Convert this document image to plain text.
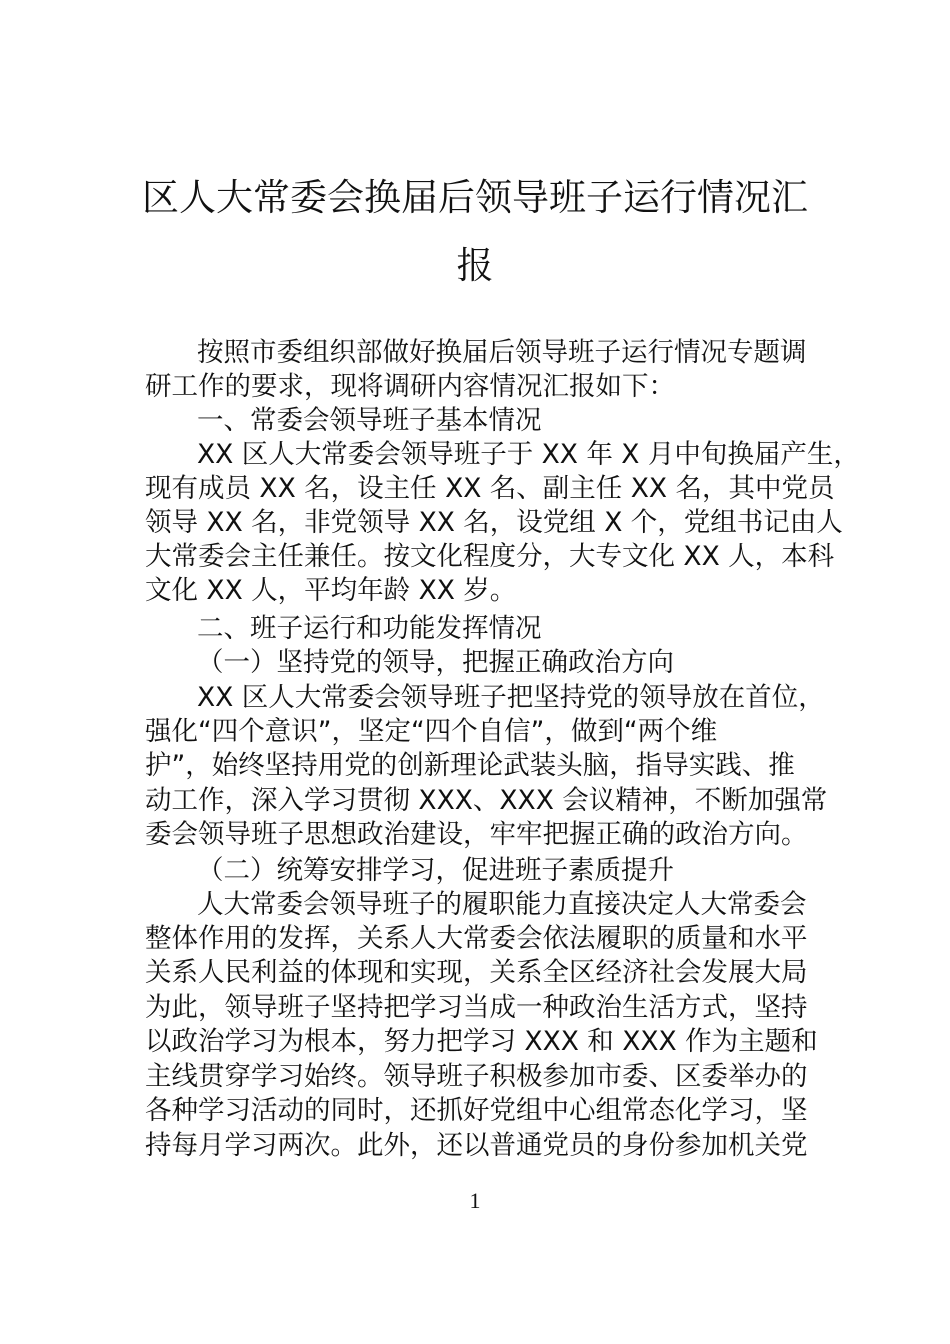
区人大常委会换届后领导班子运行情况汇
报
按照市委组织部做好换届后领导班子运行情况专题调
研工作的要求，现将调研内容情况汇报如下：
一、常委会领导班子基本情况
XX 区人大常委会领导班子于 XX 年 X 月中旬换届产生，
现有成员 XX 名，设主任 XX 名、副主任 XX 名，其中党员
领导 XX 名，非党领导 XX 名，设党组 X 个，党组书记由人
大常委会主任兼任。按文化程度分，大专文化 XX 人，本科
文化 XX 人，平均年龄 XX 岁。
二、班子运行和功能发挥情况
（一）坚持党的领导，把握正确政治方向
XX 区人大常委会领导班子把坚持党的领导放在首位，
强化“四个意识”，坚定“四个自信”，做到“两个维
护”，始终坚持用党的创新理论武装头脑，指导实践、推
动工作，深入学习贯彻 XXX、XXX 会议精神，不断加强常
委会领导班子思想政治建设，牢牢把握正确的政治方向。
（二）统筹安排学习，促进班子素质提升
人大常委会领导班子的履职能力直接决定人大常委会
整体作用的发挥，关系人大常委会依法履职的质量和水平
关系人民利益的体现和实现，关系全区经济社会发展大局
为此，领导班子坚持把学习当成一种政治生活方式，坚持
以政治学习为根本，努力把学习 XXX 和 XXX 作为主题和
主线贯穿学习始终。领导班子积极参加市委、区委举办的
各种学习活动的同时，还抓好党组中心组常态化学习，坚
持每月学习两次。此外，还以普通党员的身份参加机关党
1
